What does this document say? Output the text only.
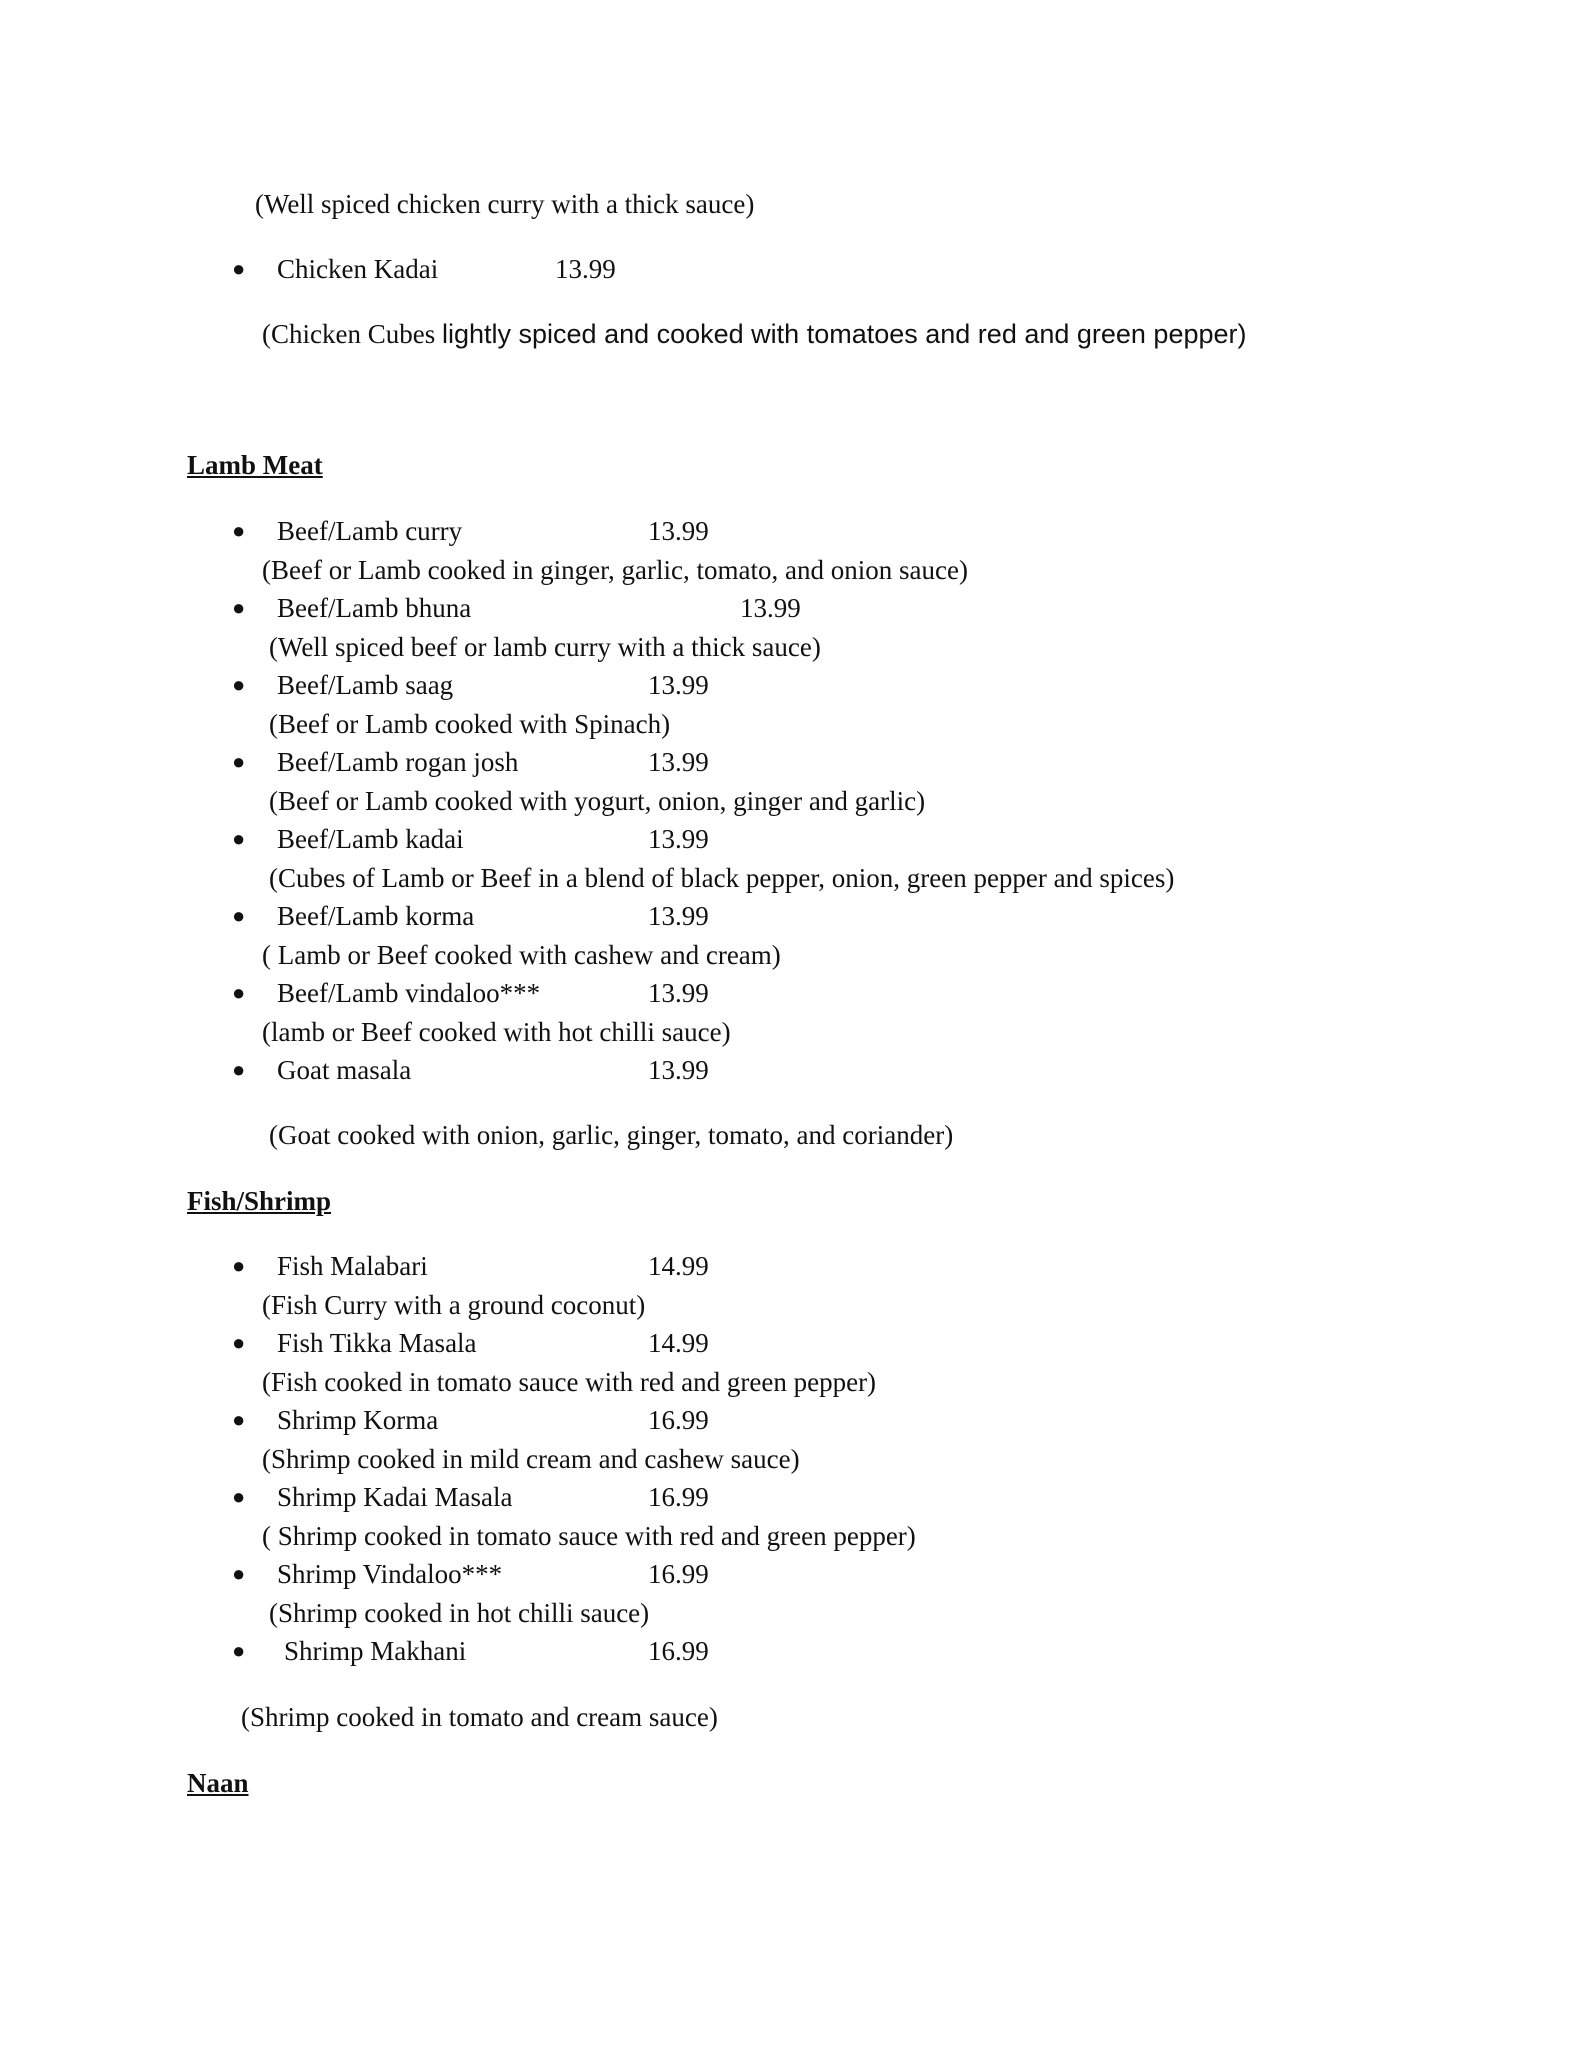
(Well spiced chicken curry with a thick sauce)
● Chicken Kadai	13.99
(Chicken Cubes lightly spiced and cooked with tomatoes and red and green pepper)
Lamb Meat
● Beef/Lamb curry	13.99
(Beef or Lamb cooked in ginger, garlic, tomato, and onion sauce)
● Beef/Lamb bhuna	13.99
(Well spiced beef or lamb curry with a thick sauce)
● Beef/Lamb saag	13.99
(Beef or Lamb cooked with Spinach)
● Beef/Lamb rogan josh	13.99
(Beef or Lamb cooked with yogurt, onion, ginger and garlic)
● Beef/Lamb kadai	13.99
(Cubes of Lamb or Beef in a blend of black pepper, onion, green pepper and spices)
● Beef/Lamb korma	13.99
( Lamb or Beef cooked with cashew and cream)
● Beef/Lamb vindaloo***	13.99
(lamb or Beef cooked with hot chilli sauce)
● Goat masala	13.99
(Goat cooked with onion, garlic, ginger, tomato, and coriander)
Fish/Shrimp
● Fish Malabari	14.99
(Fish Curry with a ground coconut)
● Fish Tikka Masala	14.99
(Fish cooked in tomato sauce with red and green pepper)
● Shrimp Korma	16.99
(Shrimp cooked in mild cream and cashew sauce)
● Shrimp Kadai Masala	16.99
( Shrimp cooked in tomato sauce with red and green pepper)
● Shrimp Vindaloo***	16.99
(Shrimp cooked in hot chilli sauce)
● Shrimp Makhani	16.99
(Shrimp cooked in tomato and cream sauce)
Naan
